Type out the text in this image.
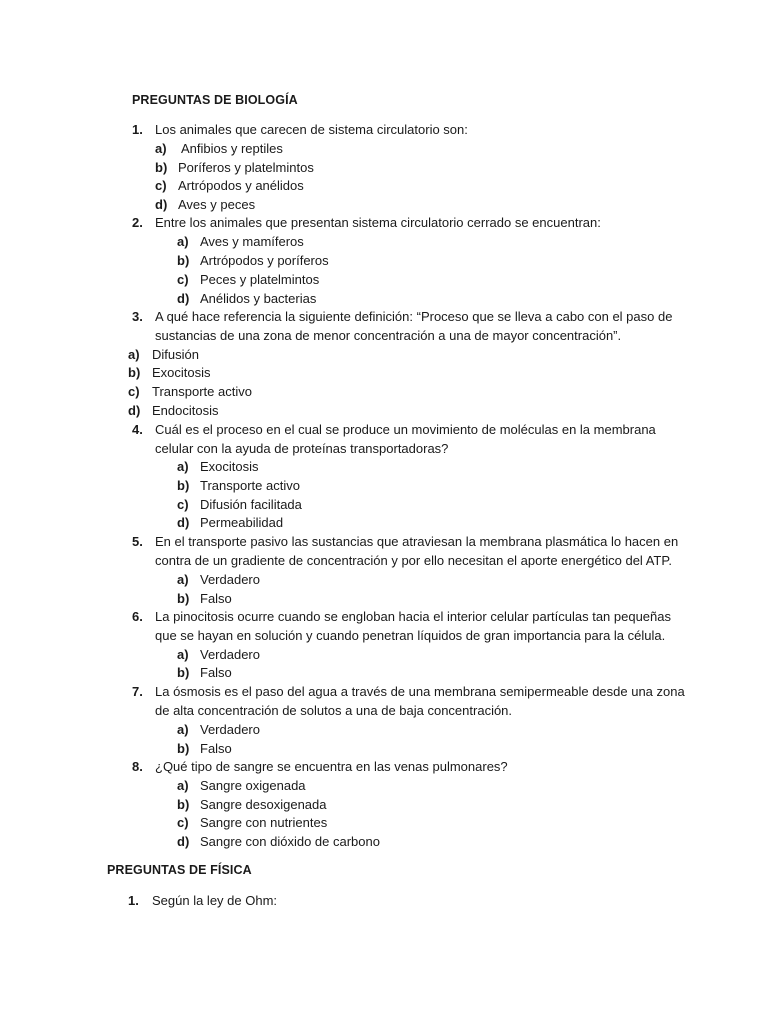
PREGUNTAS DE BIOLOGÍA
1. Los animales que carecen de sistema circulatorio son:
a) Anfibios y reptiles
b) Poríferos y platelmintos
c) Artrópodos y anélidos
d) Aves y peces
2. Entre los animales que presentan sistema circulatorio cerrado se encuentran:
a) Aves y mamíferos
b) Artrópodos y poríferos
c) Peces y platelmintos
d) Anélidos y bacterias
3. A qué hace referencia la siguiente definición: “Proceso que se lleva a cabo con el paso de
sustancias de una zona de menor concentración a una de mayor concentración”.
a) Difusión
b) Exocitosis
c) Transporte activo
d) Endocitosis
4. Cuál es el proceso en el cual se produce un movimiento de moléculas en la membrana
celular con la ayuda de proteínas transportadoras?
a) Exocitosis
b) Transporte activo
c) Difusión facilitada
d) Permeabilidad
5. En el transporte pasivo las sustancias que atraviesan la membrana plasmática lo hacen en
contra de un gradiente de concentración y por ello necesitan el aporte energético del ATP.
a) Verdadero
b) Falso
6. La pinocitosis ocurre cuando se engloban hacia el interior celular partículas tan pequeñas
que se hayan en solución y cuando penetran líquidos de gran importancia para la célula.
a) Verdadero
b) Falso
7. La ósmosis es el paso del agua a través de una membrana semipermeable desde una zona
de alta concentración de solutos a una de baja concentración.
a) Verdadero
b) Falso
8. ¿Qué tipo de sangre se encuentra en las venas pulmonares?
a) Sangre oxigenada
b) Sangre desoxigenada
c) Sangre con nutrientes
d) Sangre con dióxido de carbono
PREGUNTAS DE FÍSICA
1. Según la ley de Ohm:
